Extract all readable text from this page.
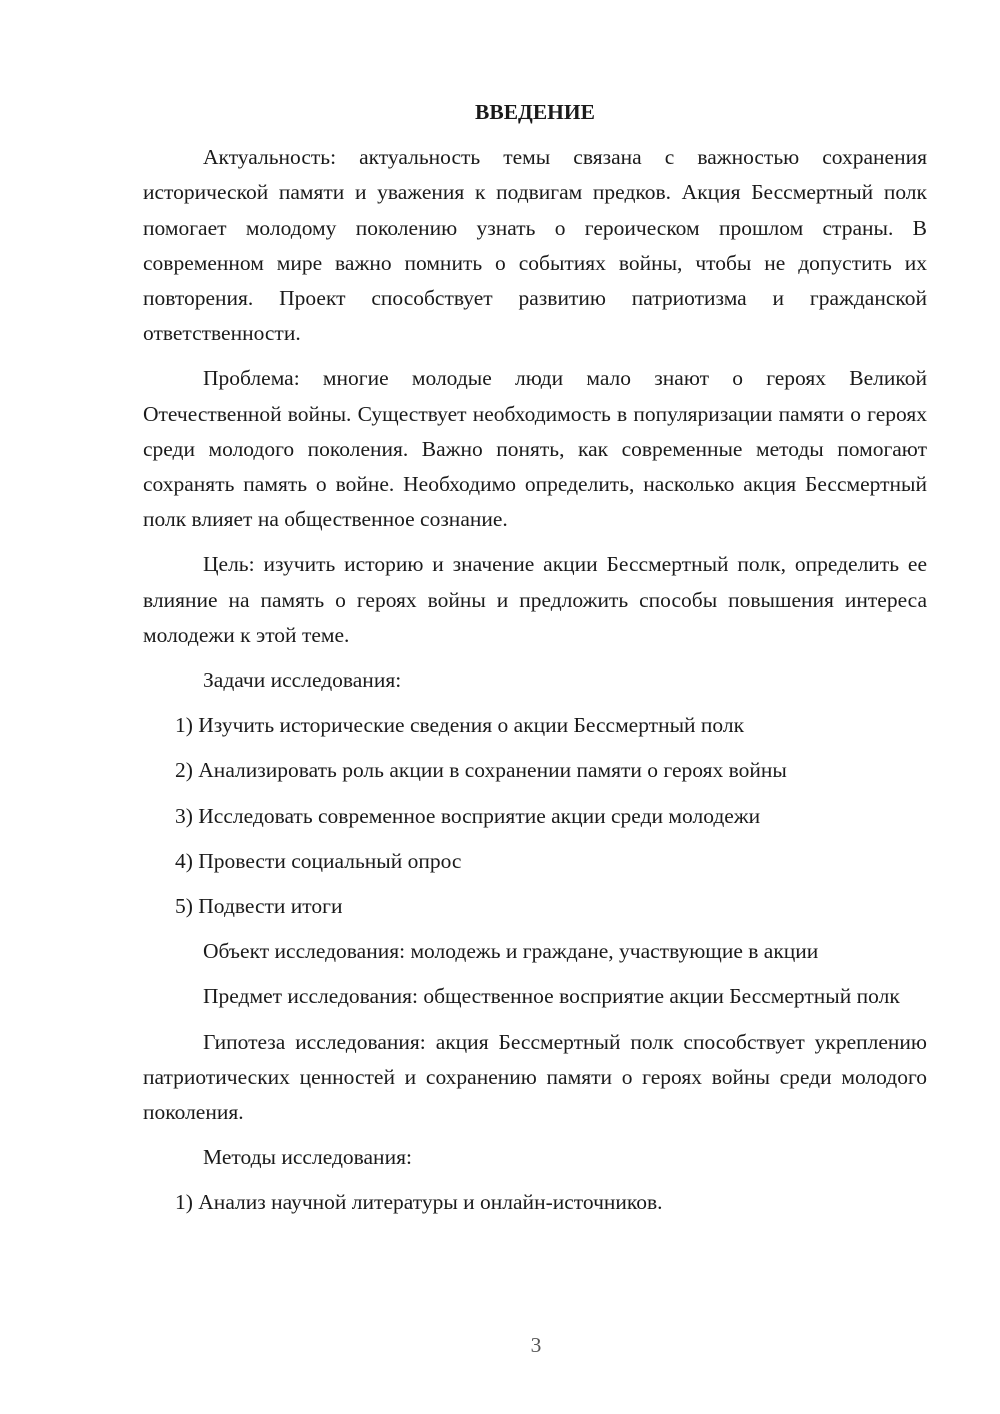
ВВЕДЕНИЕ
Актуальность: актуальность темы связана с важностью сохранения исторической памяти и уважения к подвигам предков. Акция Бессмертный полк помогает молодому поколению узнать о героическом прошлом страны. В современном мире важно помнить о событиях войны, чтобы не допустить их повторения. Проект способствует развитию патриотизма и гражданской ответственности.
Проблема: многие молодые люди мало знают о героях Великой Отечественной войны. Существует необходимость в популяризации памяти о героях среди молодого поколения. Важно понять, как современные методы помогают сохранять память о войне. Необходимо определить, насколько акция Бессмертный полк влияет на общественное сознание.
Цель: изучить историю и значение акции Бессмертный полк, определить ее влияние на память о героях войны и предложить способы повышения интереса молодежи к этой теме.
Задачи исследования:
1) Изучить исторические сведения о акции Бессмертный полк
2) Анализировать роль акции в сохранении памяти о героях войны
3) Исследовать современное восприятие акции среди молодежи
4) Провести социальный опрос
5) Подвести итоги
Объект исследования: молодежь и граждане, участвующие в акции
Предмет исследования: общественное восприятие акции Бессмертный полк
Гипотеза исследования: акция Бессмертный полк способствует укреплению патриотических ценностей и сохранению памяти о героях войны среди молодого поколения.
Методы исследования:
1) Анализ научной литературы и онлайн-источников.
3
